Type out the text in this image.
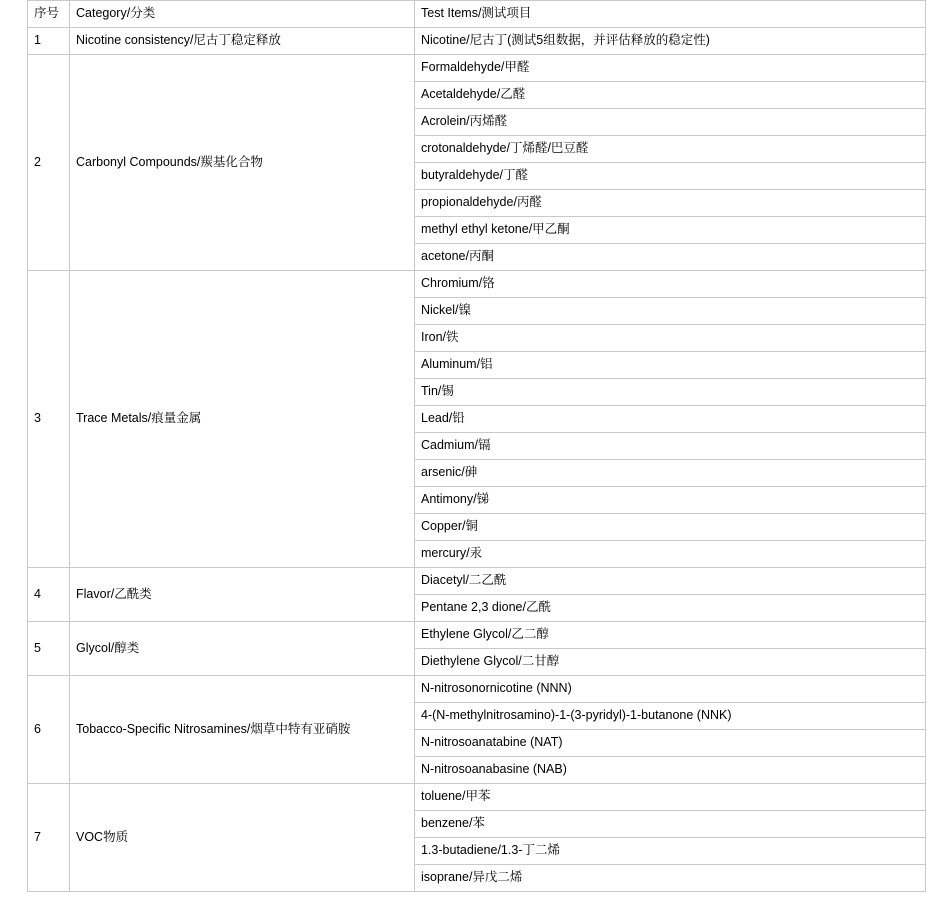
序号	Category/分类	Test Items/测试项目
1	Nicotine consistency/尼古丁稳定释放	Nicotine/尼古丁(测试5组数据，并评估释放的稳定性)
2	Carbonyl Compounds/羰基化合物	Formaldehyde/甲醛
		Acetaldehyde/乙醛
		Acrolein/丙烯醛
		crotonaldehyde/丁烯醛/巴豆醛
		butyraldehyde/丁醛
		propionaldehyde/丙醛
		methyl ethyl ketone/甲乙酮
		acetone/丙酮
3	Trace Metals/痕量金属	Chromium/铬
		Nickel/镍
		Iron/铁
		Aluminum/铝
		Tin/锡
		Lead/铅
		Cadmium/镉
		arsenic/砷
		Antimony/锑
		Copper/铜
		mercury/汞
4	Flavor/乙酰类	Diacetyl/二乙酰
		Pentane 2,3 dione/乙酰
5	Glycol/醇类	Ethylene Glycol/乙二醇
		Diethylene Glycol/二甘醇
6	Tobacco-Specific Nitrosamines/烟草中特有亚硝胺	N-nitrosonornicotine (NNN)
		4-(N-methylnitrosamino)-1-(3-pyridyl)-1-butanone (NNK)
		N-nitrosoanatabine (NAT)
		N-nitrosoanabasine (NAB)
7	VOC物质	toluene/甲苯
		benzene/苯
		1.3-butadiene/1.3-丁二烯
		isoprane/异戊二烯
